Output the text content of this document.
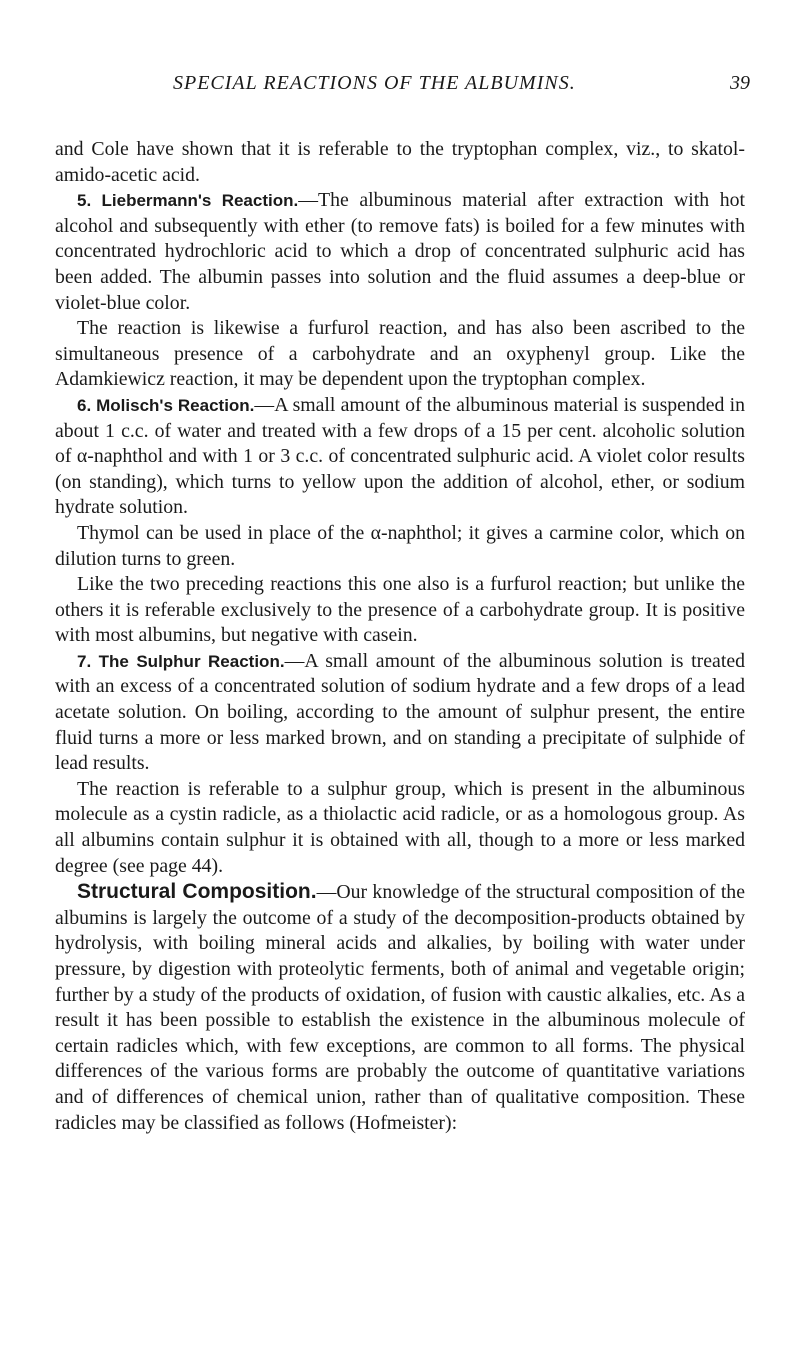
SPECIAL REACTIONS OF THE ALBUMINS.	39

and Cole have shown that it is referable to the tryptophan complex, viz., to skatol-amido-acetic acid.

5. Liebermann's Reaction.—The albuminous material after extraction with hot alcohol and subsequently with ether (to remove fats) is boiled for a few minutes with concentrated hydrochloric acid to which a drop of concentrated sulphuric acid has been added. The albumin passes into solution and the fluid assumes a deep-blue or violet-blue color.

The reaction is likewise a furfurol reaction, and has also been ascribed to the simultaneous presence of a carbohydrate and an oxyphenyl group. Like the Adamkiewicz reaction, it may be dependent upon the tryptophan complex.

6. Molisch's Reaction.—A small amount of the albuminous material is suspended in about 1 c.c. of water and treated with a few drops of a 15 per cent. alcoholic solution of α-naphthol and with 1 or 3 c.c. of concentrated sulphuric acid. A violet color results (on standing), which turns to yellow upon the addition of alcohol, ether, or sodium hydrate solution.

Thymol can be used in place of the α-naphthol; it gives a carmine color, which on dilution turns to green.

Like the two preceding reactions this one also is a furfurol reaction; but unlike the others it is referable exclusively to the presence of a carbohydrate group. It is positive with most albumins, but negative with casein.

7. The Sulphur Reaction.—A small amount of the albuminous solution is treated with an excess of a concentrated solution of sodium hydrate and a few drops of a lead acetate solution. On boiling, according to the amount of sulphur present, the entire fluid turns a more or less marked brown, and on standing a precipitate of sulphide of lead results.

The reaction is referable to a sulphur group, which is present in the albuminous molecule as a cystin radicle, as a thiolactic acid radicle, or as a homologous group. As all albumins contain sulphur it is obtained with all, though to a more or less marked degree (see page 44).

Structural Composition.—Our knowledge of the structural composition of the albumins is largely the outcome of a study of the decomposition-products obtained by hydrolysis, with boiling mineral acids and alkalies, by boiling with water under pressure, by digestion with proteolytic ferments, both of animal and vegetable origin; further by a study of the products of oxidation, of fusion with caustic alkalies, etc. As a result it has been possible to establish the existence in the albuminous molecule of certain radicles which, with few exceptions, are common to all forms. The physical differences of the various forms are probably the outcome of quantitative variations and of differences of chemical union, rather than of qualitative composition. These radicles may be classified as follows (Hofmeister):
